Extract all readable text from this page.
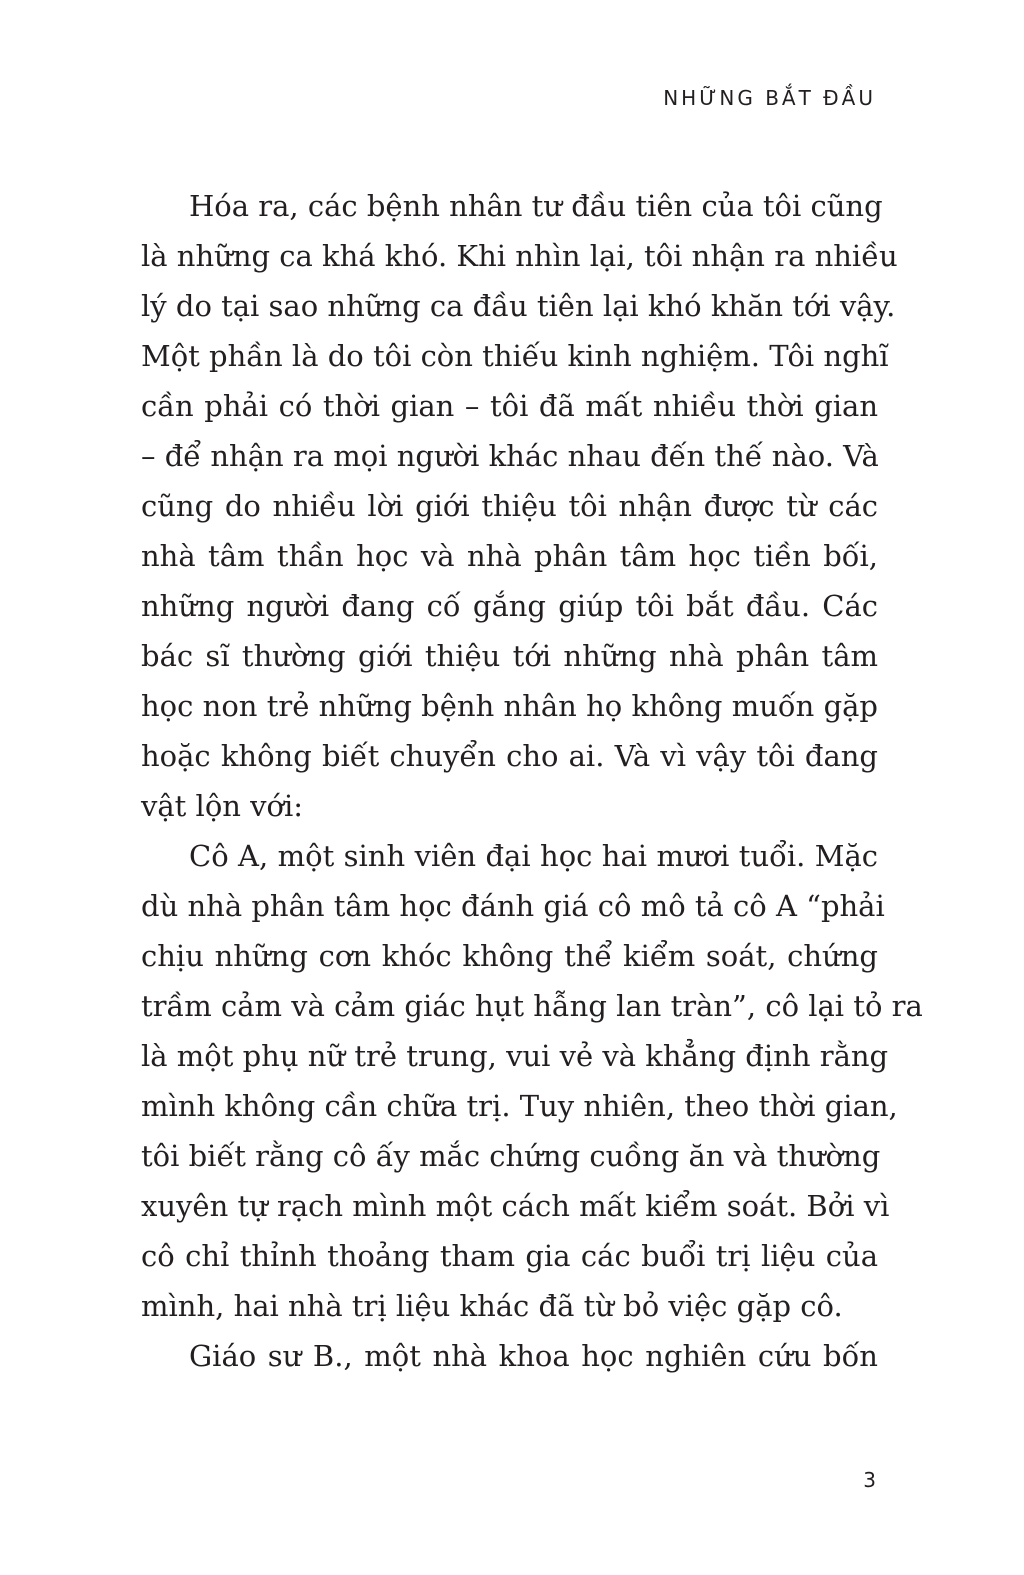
NHỮNG BẮT ĐẦU
Hóa ra, các bệnh nhân tư đầu tiên của tôi cũng
là những ca khá khó. Khi nhìn lại, tôi nhận ra nhiều
lý do tại sao những ca đầu tiên lại khó khăn tới vậy.
Một phần là do tôi còn thiếu kinh nghiệm. Tôi nghĩ
cần phải có thời gian – tôi đã mất nhiều thời gian
– để nhận ra mọi người khác nhau đến thế nào. Và
cũng do nhiều lời giới thiệu tôi nhận được từ các
nhà tâm thần học và nhà phân tâm học tiền bối,
những người đang cố gắng giúp tôi bắt đầu. Các
bác sĩ thường giới thiệu tới những nhà phân tâm
học non trẻ những bệnh nhân họ không muốn gặp
hoặc không biết chuyển cho ai. Và vì vậy tôi đang
vật lộn với:
Cô A, một sinh viên đại học hai mươi tuổi. Mặc
dù nhà phân tâm học đánh giá cô mô tả cô A “phải
chịu những cơn khóc không thể kiểm soát, chứng
trầm cảm và cảm giác hụt hẫng lan tràn”, cô lại tỏ ra
là một phụ nữ trẻ trung, vui vẻ và khẳng định rằng
mình không cần chữa trị. Tuy nhiên, theo thời gian,
tôi biết rằng cô ấy mắc chứng cuồng ăn và thường
xuyên tự rạch mình một cách mất kiểm soát. Bởi vì
cô chỉ thỉnh thoảng tham gia các buổi trị liệu của
mình, hai nhà trị liệu khác đã từ bỏ việc gặp cô.
Giáo sư B., một nhà khoa học nghiên cứu bốn
3
